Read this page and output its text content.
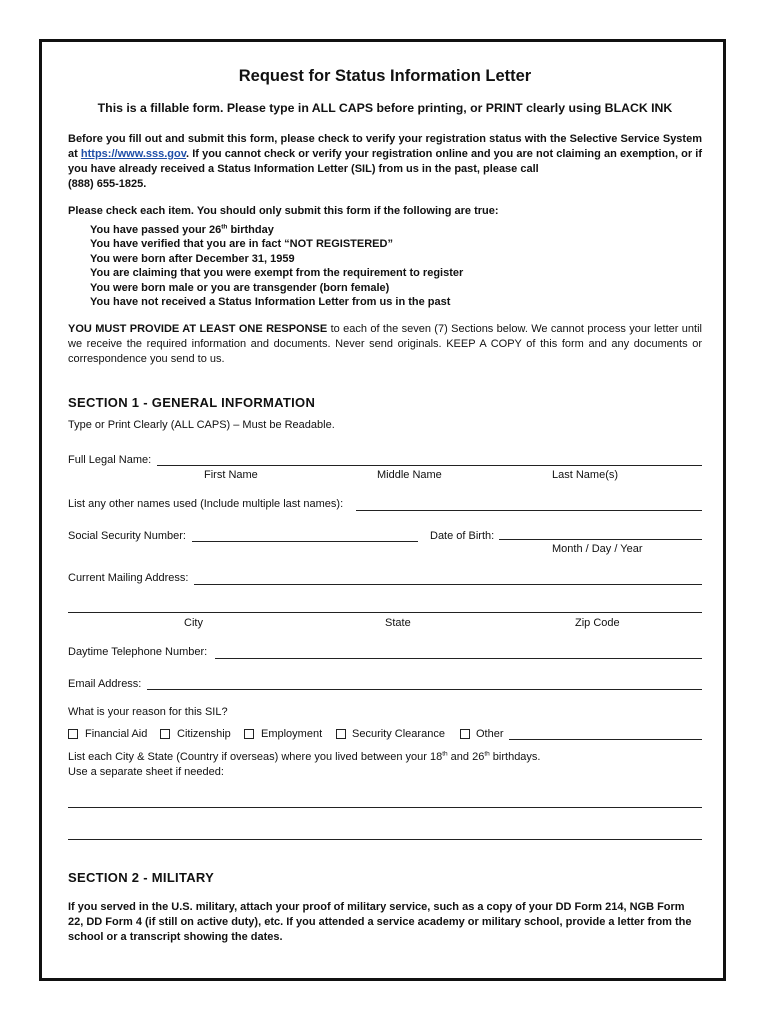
Request for Status Information Letter
This is a fillable form. Please type in ALL CAPS before printing, or PRINT clearly using BLACK INK
Before you fill out and submit this form, please check to verify your registration status with the Selective Service System at https://www.sss.gov. If you cannot check or verify your registration online and you are not claiming an exemption, or if you have already received a Status Information Letter (SIL) from us in the past, please call
(888) 655-1825.
Please check each item. You should only submit this form if the following are true:
You have passed your 26th birthday
You have verified that you are in fact “NOT REGISTERED”
You were born after December 31, 1959
You are claiming that you were exempt from the requirement to register
You were born male or you are transgender (born female)
You have not received a Status Information Letter from us in the past
YOU MUST PROVIDE AT LEAST ONE RESPONSE to each of the seven (7) Sections below. We cannot process your letter until we receive the required information and documents. Never send originals. KEEP A COPY of this form and any documents or correspondence you send to us.
SECTION 1 - GENERAL INFORMATION
Type or Print Clearly (ALL CAPS) – Must be Readable.
Full Legal Name:
First Name	Middle Name	Last Name(s)
List any other names used (Include multiple last names):
Social Security Number:	Date of Birth:
Month / Day / Year
Current Mailing Address:
City	State	Zip Code
Daytime Telephone Number:
Email Address:
What is your reason for this SIL?
Financial Aid	Citizenship	Employment	Security Clearance	Other
List each City & State (Country if overseas) where you lived between your 18th and 26th birthdays.
Use a separate sheet if needed:
SECTION 2 - MILITARY
If you served in the U.S. military, attach your proof of military service, such as a copy of your DD Form 214, NGB Form 22, DD Form 4 (if still on active duty), etc. If you attended a service academy or military school, provide a letter from the school or a transcript showing the dates.
